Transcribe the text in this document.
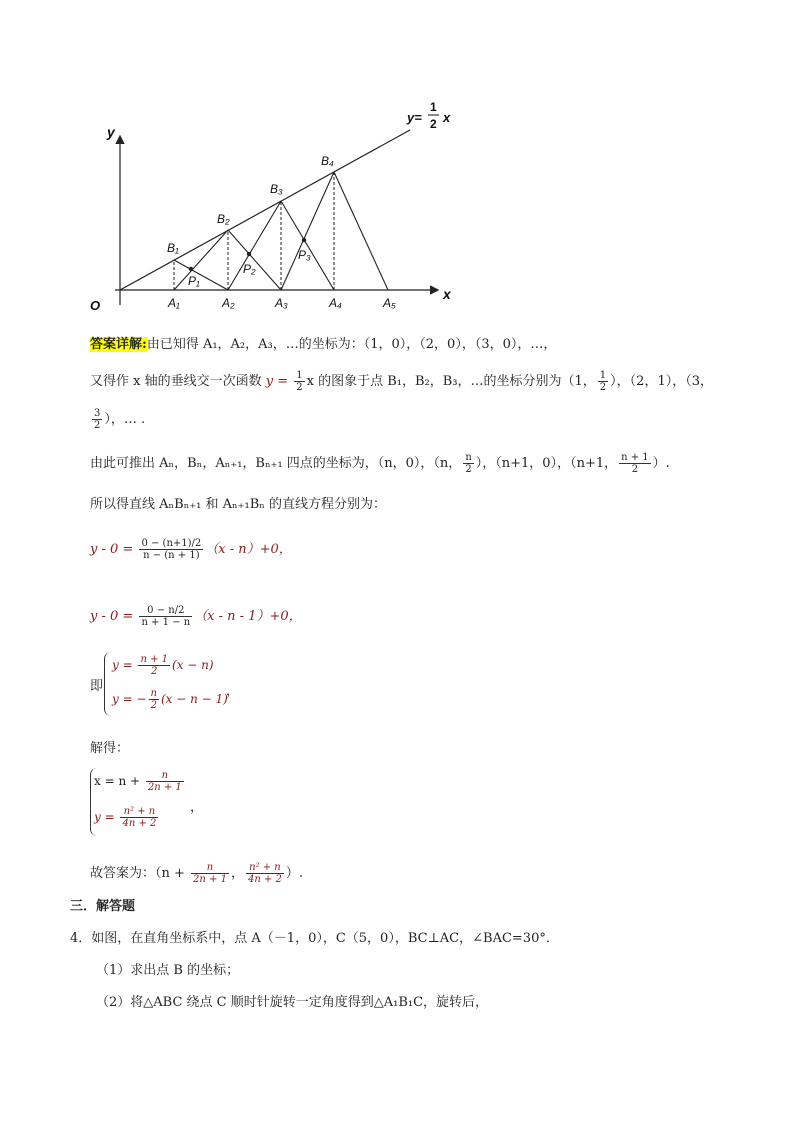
y
x
O
y=
1
2 x
A₁	A₂	A₃	A₄	A₅
B₁
B₂
B₃
B₄
P₁
P₂
P₃
答案详解:由已知得 A₁，A₂，A₃，…的坐标为：（1，0），（2，0），（3，0），…，
又得作 x 轴的垂线交一次函数 $y = \frac{1}{2}$ x 的图象于点 B₁，B₂，B₃，…的坐标分别为（1， $\frac{1}{2}$ ），（2，1），（3，
$\frac{3}{2}$ ），… .
由此可推出 Aₙ，Bₙ，Aₙ₊₁，Bₙ₊₁ 四点的坐标为，（n，0），（n， $\frac{n}{2}$ ），（n+1，0），（n+1， $\frac{n + 1}{2}$ ）.
所以得直线 AₙBₙ₊₁ 和 Aₙ₊₁Bₙ 的直线方程分别为：
$y - 0 = \frac{0 - (n+1)/2}{n - (n + 1)} (x - n)+0$，
$y - 0 = \frac{0 - n/2}{n + 1 - n} (x - n - 1)+0$，
即
$y = \frac{n + 1}{2} (x - n)$
y = − $\frac{n}{2} (x - n - 1)$
，
解得：
$x = n + \frac{n}{2n + 1}$
$y = \frac{\text{n² + n}}{4n + 2}$ ，
故答案为：（$n + \frac{n}{2n + 1}$ ， $\frac{\text{n² + n}}{4n + 2}$ ）.
三．解答题
4．如图，在直角坐标系中，点 A（－1，0），C（5，0），BC⊥AC，∠BAC=30°．
（1）求出点 B 的坐标；
（2）将△ABC 绕点 C 顺时针旋转一定角度得到△A₁B₁C，旋转后，
